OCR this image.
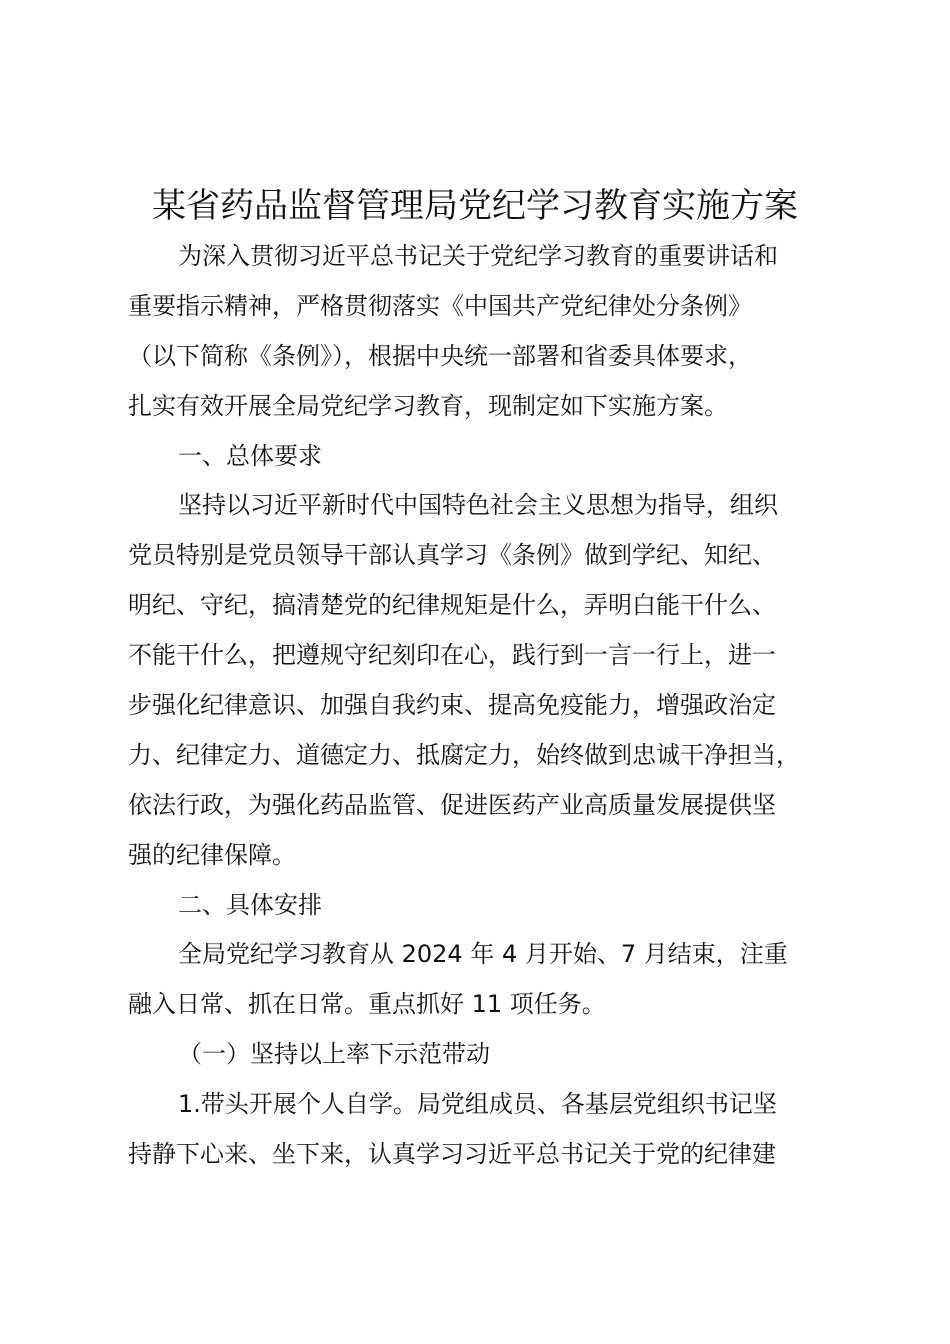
某省药品监督管理局党纪学习教育实施方案
为深入贯彻习近平总书记关于党纪学习教育的重要讲话和
重要指示精神，严格贯彻落实《中国共产党纪律处分条例》
（以下简称《条例》），根据中央统一部署和省委具体要求，
扎实有效开展全局党纪学习教育，现制定如下实施方案。
一、总体要求
坚持以习近平新时代中国特色社会主义思想为指导，组织
党员特别是党员领导干部认真学习《条例》做到学纪、知纪、
明纪、守纪，搞清楚党的纪律规矩是什么，弄明白能干什么、
不能干什么，把遵规守纪刻印在心，践行到一言一行上，进一
步强化纪律意识、加强自我约束、提高免疫能力，增强政治定
力、纪律定力、道德定力、抵腐定力，始终做到忠诚干净担当，
依法行政，为强化药品监管、促进医药产业高质量发展提供坚
强的纪律保障。
二、具体安排
全局党纪学习教育从 2024 年 4 月开始、7 月结束，注重
融入日常、抓在日常。重点抓好 11 项任务。
（一）坚持以上率下示范带动
1.带头开展个人自学。局党组成员、各基层党组织书记坚
持静下心来、坐下来，认真学习习近平总书记关于党的纪律建
